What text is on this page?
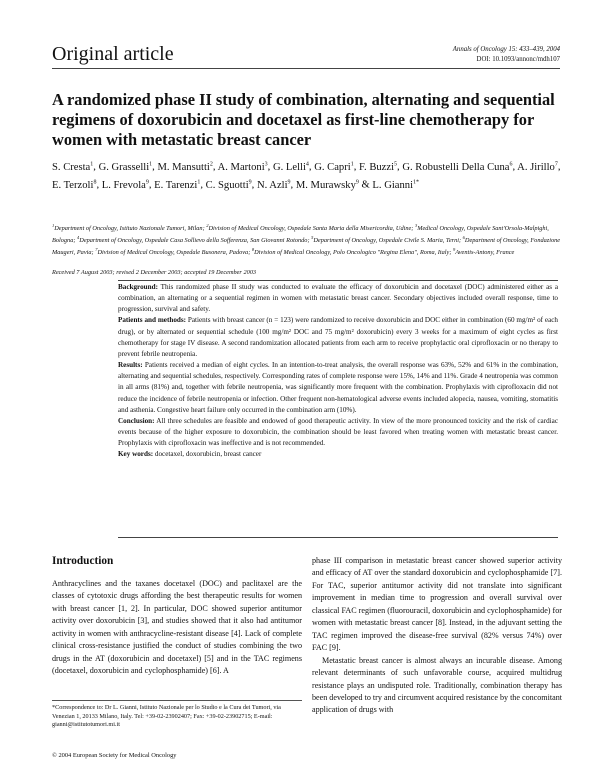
Original article	Annals of Oncology 15: 433–439, 2004
DOI: 10.1093/annonc/mdh107
A randomized phase II study of combination, alternating and sequential regimens of doxorubicin and docetaxel as first-line chemotherapy for women with metastatic breast cancer
S. Cresta$^1$, G. Grasselli$^1$, M. Mansutti$^2$, A. Martoni$^3$, G. Lelli$^4$, G. Capri$^1$, F. Buzzi$^5$, G. Robustelli Della Cuna$^6$, A. Jirillo$^7$, E. Terzoli$^8$, L. Frevola$^9$, E. Tarenzi$^1$, C. Sguotti$^9$, N. Azli$^9$, M. Murawsky$^9$ & L. Gianni$^{1*}$
$^1$Department of Oncology, Istituto Nazionale Tumori, Milan; $^2$Division of Medical Oncology, Ospedale Santa Maria della Misericordia, Udine; $^3$Medical Oncology, Ospedale Sant'Orsola-Malpighi, Bologna; $^4$Department of Oncology, Ospedale Casa Sollievo della Sofferenza, San Giovanni Rotondo; $^5$Department of Oncology, Ospedale Civile S. Maria, Terni; $^6$Department of Oncology, Fondazione Maugeri, Pavia; $^7$Division of Medical Oncology, Ospedale Busonera, Padova; $^8$Division of Medical Oncology, Polo Oncologico "Regina Elena", Roma, Italy; $^9$Aventis-Antony, France
Received 7 August 2003; revised 2 December 2003; accepted 19 December 2003

Background: This randomized phase II study was conducted to evaluate the efficacy of doxorubicin and docetaxel (DOC) administered either as a combination, an alternating or a sequential regimen in women with metastatic breast cancer. Secondary objectives included overall response, time to progression, survival and safety.

Patients and methods: Patients with breast cancer (n = 123) were randomized to receive doxorubicin and DOC either in combination (60 mg/m² of each drug), or by alternated or sequential schedule (100 mg/m² DOC and 75 mg/m² doxorubicin) every 3 weeks for a maximum of eight cycles as first chemotherapy for stage IV disease. A second randomization allocated patients from each arm to receive prophylactic oral ciprofloxacin or no therapy to prevent febrile neutropenia.

Results: Patients received a median of eight cycles. In an intention-to-treat analysis, the overall response was 63%, 52% and 61% in the combination, alternating and sequential schedules, respectively. Corresponding rates of complete response were 15%, 14% and 11%. Grade 4 neutropenia was common in all arms (81%) and, together with febrile neutropenia, was significantly more frequent with the combination. Prophylaxis with ciprofloxacin did not reduce the incidence of febrile neutropenia or infection. Other frequent non-hematological adverse events included alopecia, nausea, vomiting, stomatitis and asthenia. Congestive heart failure only occurred in the combination arm (10%).

Conclusion: All three schedules are feasible and endowed of good therapeutic activity. In view of the more pronounced toxicity and the risk of cardiac events because of the higher exposure to doxorubicin, the combination should be least favored when treating women with metastatic breast cancer. Prophylaxis with ciprofloxacin was ineffective and is not recommended.

Key words: docetaxel, doxorubicin, breast cancer

Introduction

Anthracyclines and the taxanes docetaxel (DOC) and paclitaxel are the classes of cytotoxic drugs affording the best therapeutic results for women with breast cancer [1, 2]. In particular, DOC showed superior antitumor activity over doxorubicin [3], and studies showed that it also had antitumor activity in women with anthracycline-resistant disease [4]. Lack of complete clinical cross-resistance justified the conduct of studies combining the two drugs in the AT (doxorubicin and docetaxel) [5] and in the TAC regimens (docetaxel, doxorubicin and cyclophosphamide) [6]. A

phase III comparison in metastatic breast cancer showed superior activity and efficacy of AT over the standard doxorubicin and cyclophosphamide [7]. For TAC, superior antitumor activity did not translate into significant improvement in median time to progression and overall survival over classical FAC regimen (fluorouracil, doxorubicin and cyclophosphamide) for women with metastatic breast cancer [8]. Instead, in the adjuvant setting the TAC regimen improved the disease-free survival (82% versus 74%) over FAC [9].

Metastatic breast cancer is almost always an incurable disease. Among relevant determinants of such unfavorable course, acquired multidrug resistance plays an undisputed role. Traditionally, combination therapy has been developed to try and circumvent acquired resistance by the concomitant application of drugs with

*Correspondence to: Dr L. Gianni, Istituto Nazionale per lo Studio e la Cura dei Tumori, via Venezian 1, 20133 Milano, Italy. Tel: +39-02-23902407; Fax: +39-02-23902715; E-mail: gianni@istitutotumori.mi.it
© 2004 European Society for Medical Oncology
